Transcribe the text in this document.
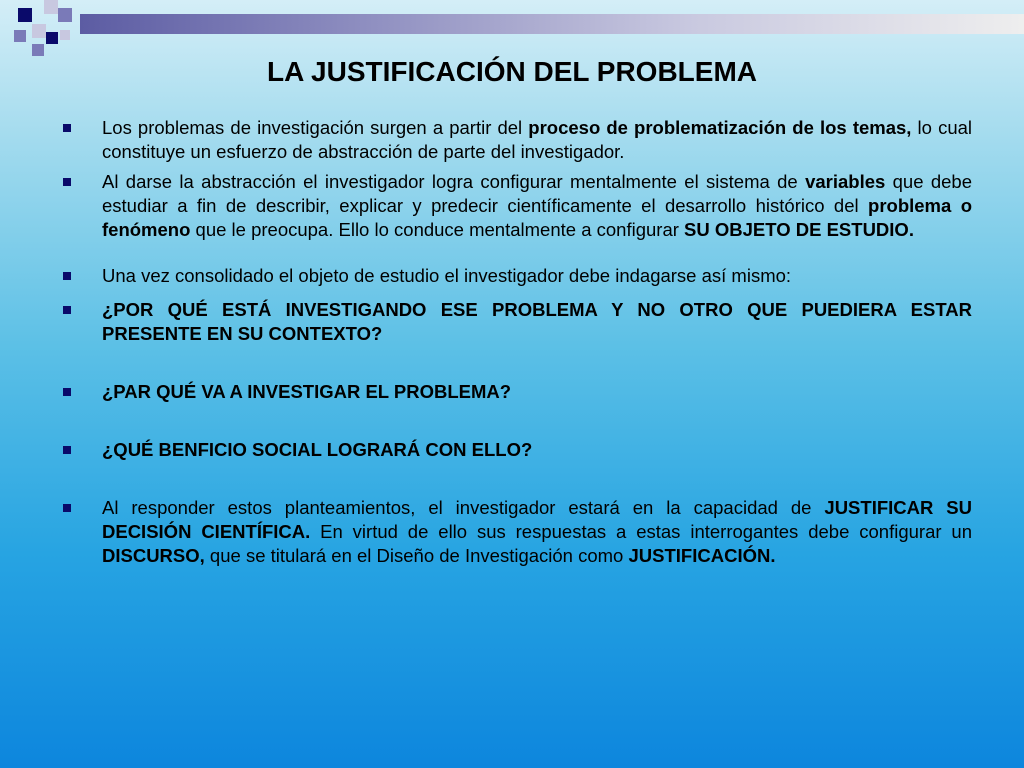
LA JUSTIFICACIÓN DEL PROBLEMA
Los problemas de investigación surgen a partir del proceso de problematización de los temas, lo cual constituye un esfuerzo de abstracción de parte del investigador.
Al darse la abstracción el investigador logra configurar mentalmente el sistema de variables que debe estudiar a fin de describir, explicar y predecir científicamente el desarrollo histórico del problema o fenómeno que le preocupa. Ello lo conduce mentalmente a configurar SU OBJETO DE ESTUDIO.
Una vez consolidado el objeto de estudio el investigador debe indagarse así mismo:
¿POR QUÉ ESTÁ INVESTIGANDO ESE PROBLEMA Y NO OTRO QUE PUEDIERA ESTAR PRESENTE EN SU CONTEXTO?
¿PAR QUÉ VA A INVESTIGAR EL PROBLEMA?
¿QUÉ BENFICIO SOCIAL LOGRARÁ CON ELLO?
Al responder estos planteamientos, el investigador estará en la capacidad de JUSTIFICAR SU DECISIÓN CIENTÍFICA. En virtud de ello sus respuestas a estas interrogantes debe configurar un DISCURSO, que se titulará en el Diseño de Investigación como JUSTIFICACIÓN.
